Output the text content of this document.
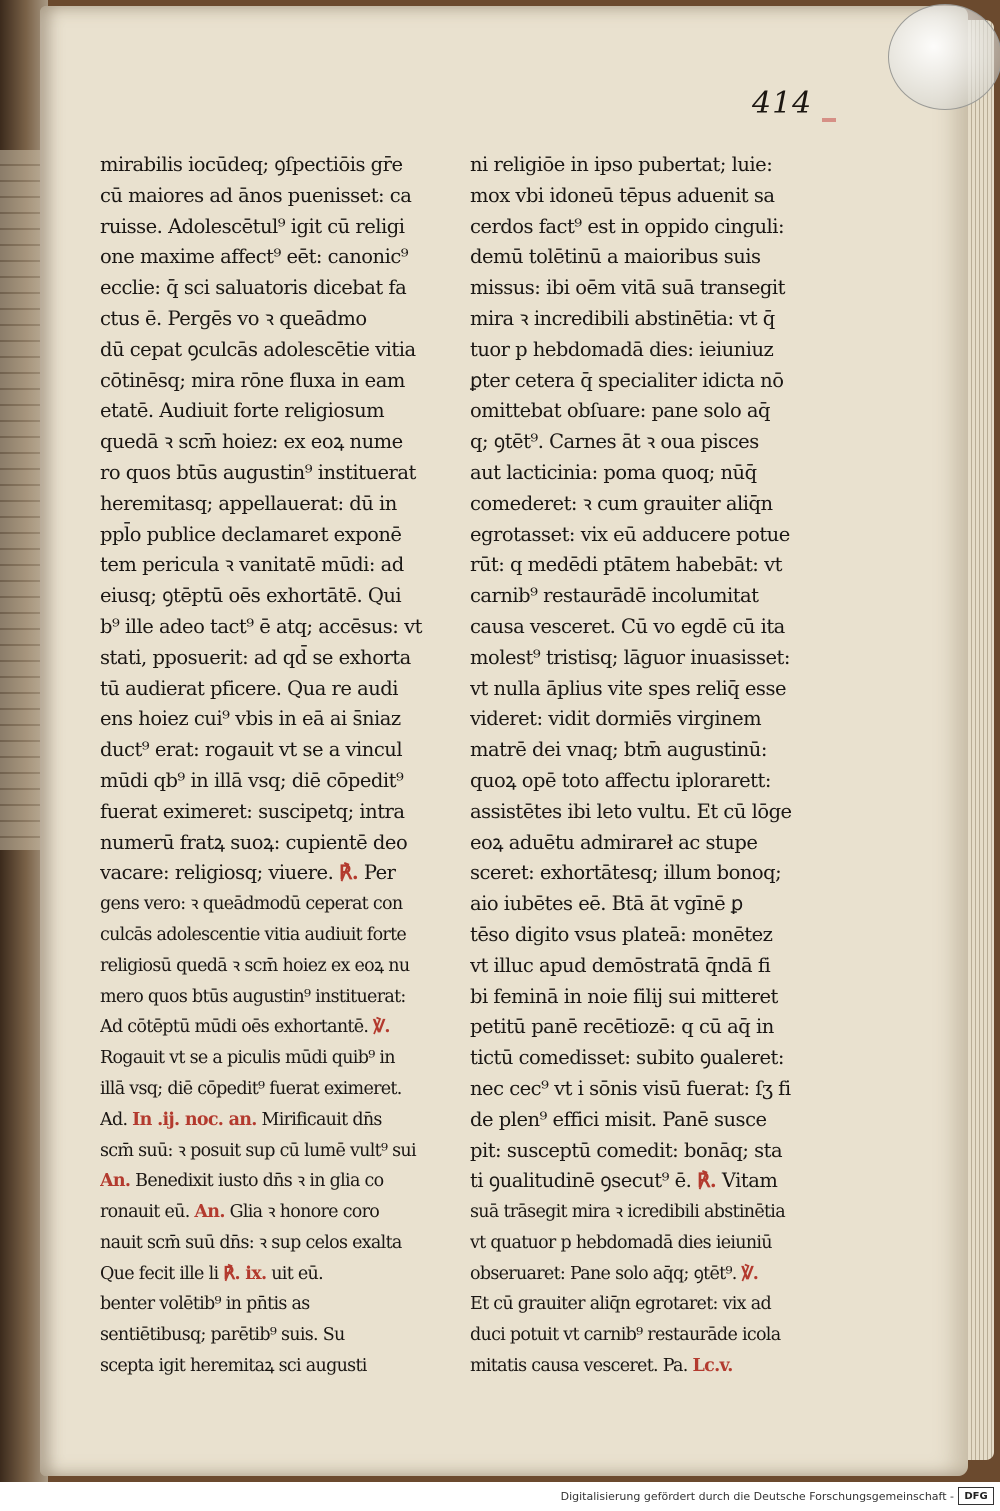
414

mirabilis iocūdeq; ꝯſpectiōis gr̄e
cū maiores ad ānos puenisset: ca
ruisse. Adolescētul⁹ igit cū religi
one maxime affect⁹ eēt: canonic⁹
ecclie: q̄ sci saluatoris dicebat fa
ctus ē. Pergēs vo ꝛ queādmo
dū cepat ꝯculcās adolescētie vitia
cōtinēsq; mira rōne fluxa in eam
etatē. Audiuit forte religiosum
quedā ꝛ scm̄ hoiez: ex eoꝝ nume
ro quos btūs augustin⁹ instituerat
heremitasq; appellauerat: dū in
ppl̄o publice declamaret exponē
tem pericula ꝛ vanitatē mūdi: ad
eiusq; ꝯtēptū oēs exhortātē. Qui
b⁹ ille adeo tact⁹ ē atq; accēsus: vt
stati, pposuerit: ad qd̄ se exhorta
tū audierat pficere. Qua re audi
ens hoiez cui⁹ vbis in eā ai s̄niaz
duct⁹ erat: rogauit vt se a vincul
mūdi qb⁹ in illā vsq; diē cōpedit⁹
fuerat eximeret: suscipetq; intra
numerū fratꝝ suoꝝ: cupientē deo
vacare: religiosq; viuere. ℟. Per
gens vero: ꝛ queādmodū ceperat con
culcās adolescentie vitia audiuit forte
religiosū quedā ꝛ scm̄ hoiez ex eoꝝ nu
mero quos btūs augustin⁹ instituerat:
Ad cōtēptū mūdi oēs exhortantē. ℣.
Rogauit vt se a piculis mūdi quib⁹ in
illā vsq; diē cōpedit⁹ fuerat eximeret.
Ad. In .ij. noc. an. Mirificauit dn̄s
scm̄ suū: ꝛ posuit sup cū lumē vult⁹ sui
An. Benedixit iusto dn̄s ꝛ in glia co
ronauit eū. An. Glia ꝛ honore coro
nauit scm̄ suū dn̄s: ꝛ sup celos exalta
Que fecit ille li ℟. ix. uit eū.
benter volētib⁹ in pn̄tis as
sentiētibusq; parētib⁹ suis. Su
scepta igit heremitaꝝ sci augusti
ni religiōe in ipso pubertat; luie:
mox vbi idoneū tēpus aduenit sa
cerdos fact⁹ est in oppido cinguli:
demū tolētinū a maioribus suis
missus: ibi oēm vitā suā transegit
mira ꝛ incredibili abstinētia: vt q̄
tuor p hebdomadā dies: ieiuniuz
ꝑter cetera q̄ specialiter idicta nō
omittebat obſuare: pane solo aq̄
q; ꝯtēt⁹. Carnes āt ꝛ oua pisces
aut lacticinia: poma quoq; nūq̄
comederet: ꝛ cum grauiter aliq̄n
egrotasset: vix eū adducere potue
rūt: q medēdi ptātem habebāt: vt
carnib⁹ restaurādē incolumitat
causa vesceret. Cū vo egdē cū ita
molest⁹ tristisq; lāguor inuasisset:
vt nulla āplius vite spes reliq̄ esse
videret: vidit dormiēs virginem
matrē dei vnaq; btm̄ augustinū:
quoꝝ opē toto affectu iplorarett:
assistētes ibi leto vultu. Et cū lōge
eoꝝ aduētu admirareł ac stupe
sceret: exhortātesq; illum bonoq;
aio iubētes eē. Btā āt vgīnē ꝑ
tēso digito vsus plateā: monētez
vt illuc apud demōstratā q̄ndā fi
bi feminā in noie filij sui mitteret
petitū panē recētiozē: q cū aq̄ in
tictū comedisset: subito ꝯualeret:
nec cec⁹ vt i sōnis visū fuerat: ſʒ fi
de plen⁹ effici misit. Panē susce
pit: susceptū comedit: bonāq; sta
ti ꝯualitudinē ꝯsecut⁹ ē. ℟. Vitam
suā trāsegit mira ꝛ icredibili abstinētia
vt quatuor p hebdomadā dies ieiuniū
obseruaret: Pane solo aq̄q; ꝯtēt⁹. ℣.
Et cū grauiter aliq̄n egrotaret: vix ad
duci potuit vt carnib⁹ restaurāde icola
mitatis causa vesceret. Pa. Lc.v.

Digitalisierung gefördert durch die Deutsche Forschungsgemeinschaft -	DFG
